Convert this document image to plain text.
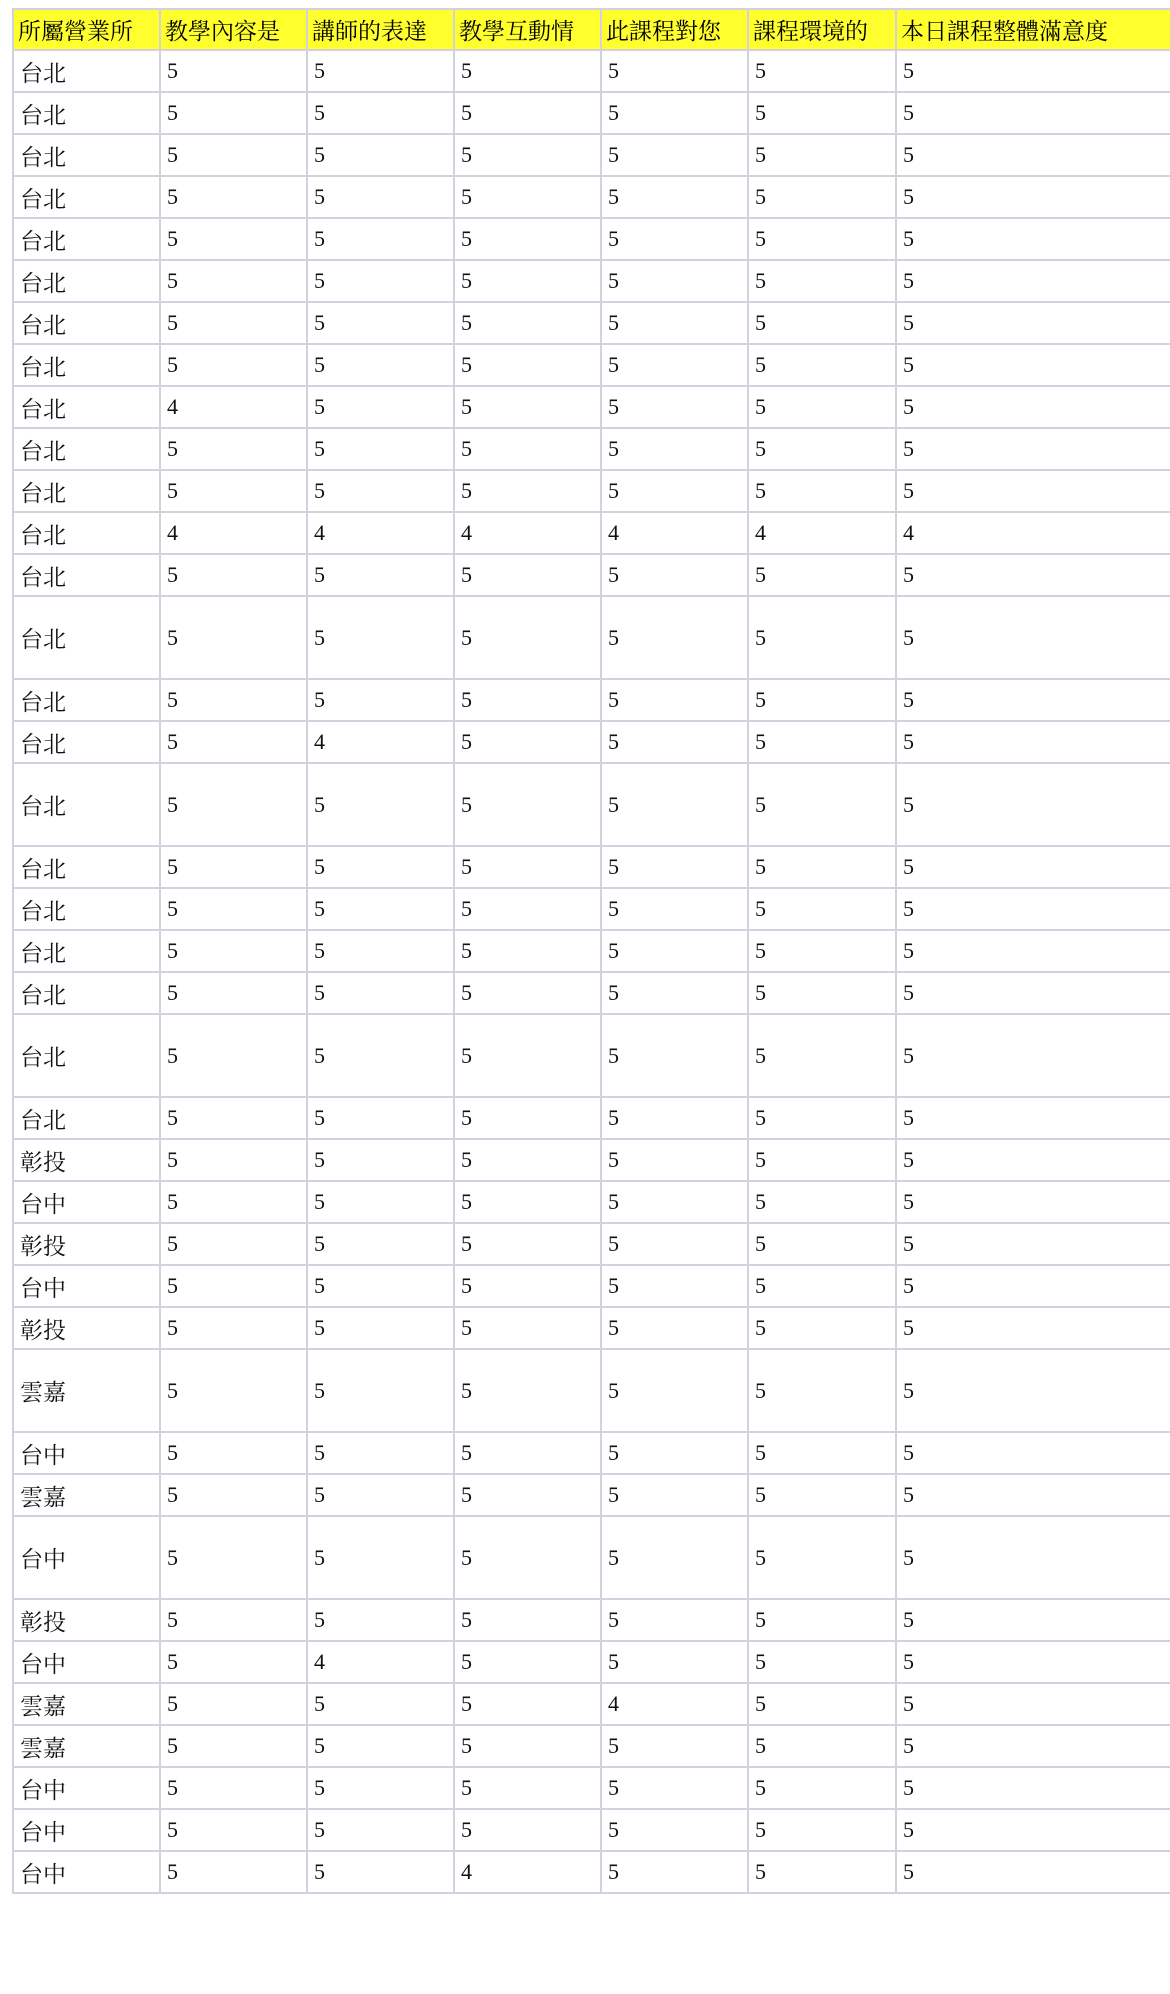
所屬營業所	教學內容是	講師的表達	教學互動情	此課程對您	課程環境的	本日課程整體滿意度
台北	5	5	5	5	5	5
台北	5	5	5	5	5	5
台北	5	5	5	5	5	5
台北	5	5	5	5	5	5
台北	5	5	5	5	5	5
台北	5	5	5	5	5	5
台北	5	5	5	5	5	5
台北	5	5	5	5	5	5
台北	4	5	5	5	5	5
台北	5	5	5	5	5	5
台北	5	5	5	5	5	5
台北	4	4	4	4	4	4
台北	5	5	5	5	5	5
台北	5	5	5	5	5	5
台北	5	5	5	5	5	5
台北	5	4	5	5	5	5
台北	5	5	5	5	5	5
台北	5	5	5	5	5	5
台北	5	5	5	5	5	5
台北	5	5	5	5	5	5
台北	5	5	5	5	5	5
台北	5	5	5	5	5	5
台北	5	5	5	5	5	5
彰投	5	5	5	5	5	5
台中	5	5	5	5	5	5
彰投	5	5	5	5	5	5
台中	5	5	5	5	5	5
彰投	5	5	5	5	5	5
雲嘉	5	5	5	5	5	5
台中	5	5	5	5	5	5
雲嘉	5	5	5	5	5	5
台中	5	5	5	5	5	5
彰投	5	5	5	5	5	5
台中	5	4	5	5	5	5
雲嘉	5	5	5	4	5	5
雲嘉	5	5	5	5	5	5
台中	5	5	5	5	5	5
台中	5	5	5	5	5	5
台中	5	5	4	5	5	5
